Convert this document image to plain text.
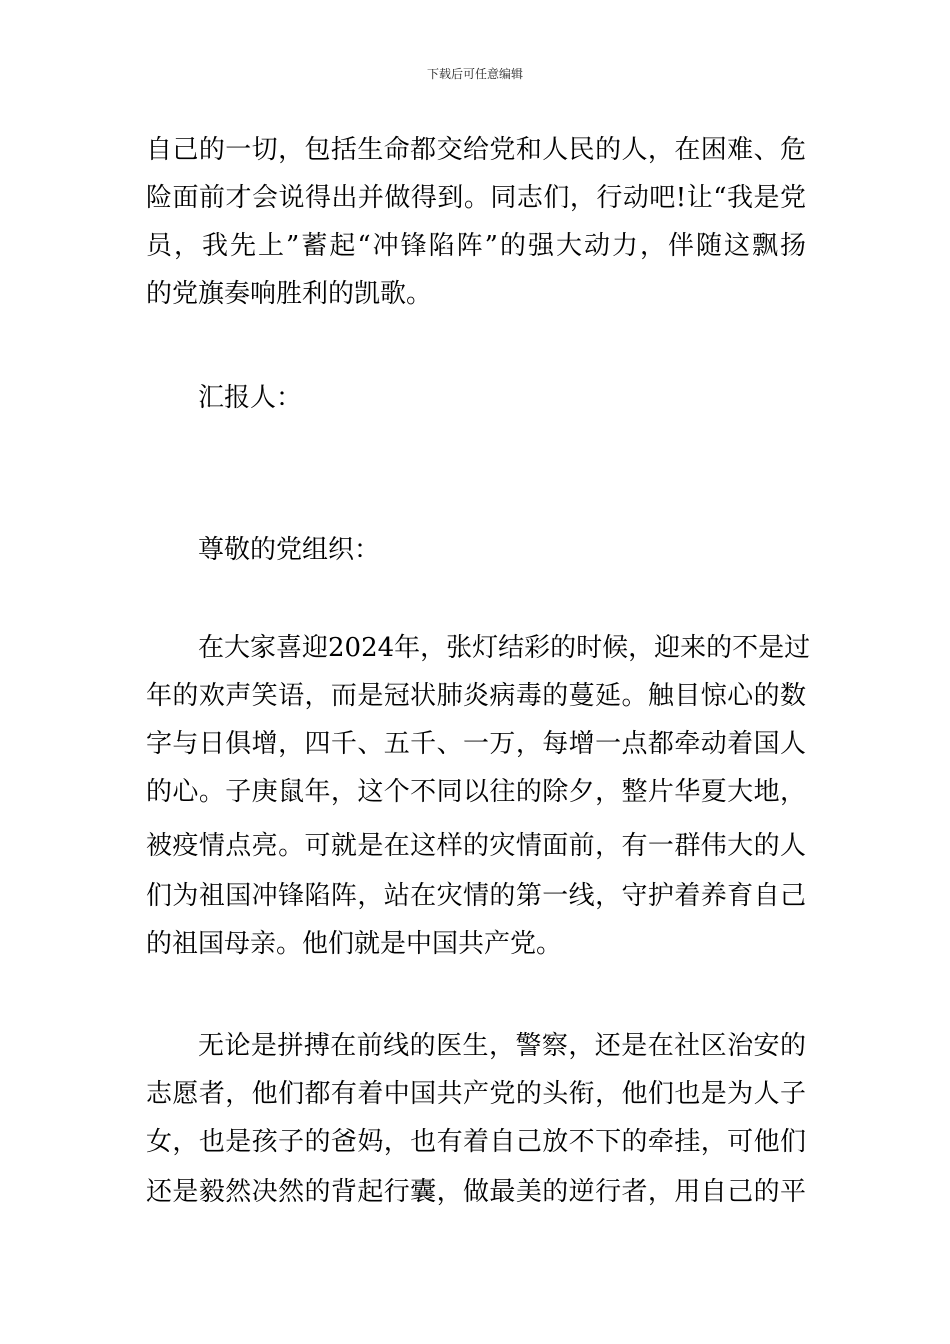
下载后可任意编辑
自己的一切，包括生命都交给党和人民的人，在困难、危
险面前才会说得出并做得到。同志们，行动吧!让“我是党
员，我先上”蓄起“冲锋陷阵”的强大动力，伴随这飘扬
的党旗奏响胜利的凯歌。
汇报人：
尊敬的党组织：
在大家喜迎2024年，张灯结彩的时候，迎来的不是过
年的欢声笑语，而是冠状肺炎病毒的蔓延。触目惊心的数
字与日俱增，四千、五千、一万，每增一点都牵动着国人
的心。子庚鼠年，这个不同以往的除夕，整片华夏大地，
被疫情点亮。可就是在这样的灾情面前，有一群伟大的人
们为祖国冲锋陷阵，站在灾情的第一线，守护着养育自己
的祖国母亲。他们就是中国共产党。
无论是拼搏在前线的医生，警察，还是在社区治安的
志愿者，他们都有着中国共产党的头衔，他们也是为人子
女，也是孩子的爸妈，也有着自己放不下的牵挂，可他们
还是毅然决然的背起行囊，做最美的逆行者，用自己的平
